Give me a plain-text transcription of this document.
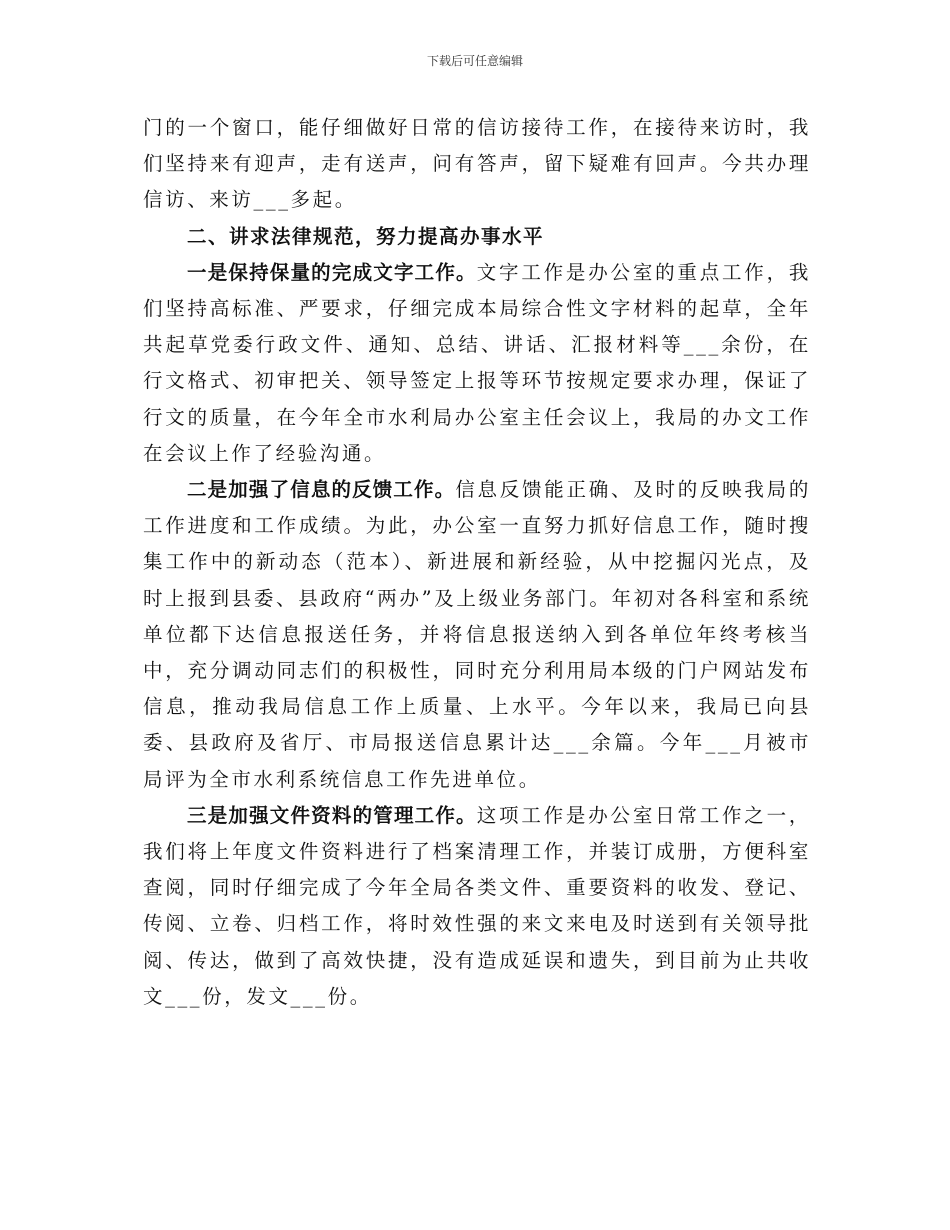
下载后可任意编辑

门的一个窗口，能仔细做好日常的信访接待工作，在接待来访时，我们坚持来有迎声，走有送声，问有答声，留下疑难有回声。今共办理信访、来访___多起。

二、讲求法律规范，努力提高办事水平

一是保持保量的完成文字工作。文字工作是办公室的重点工作，我们坚持高标准、严要求，仔细完成本局综合性文字材料的起草，全年共起草党委行政文件、通知、总结、讲话、汇报材料等___余份，在行文格式、初审把关、领导签定上报等环节按规定要求办理，保证了行文的质量，在今年全市水利局办公室主任会议上，我局的办文工作在会议上作了经验沟通。

二是加强了信息的反馈工作。信息反馈能正确、及时的反映我局的工作进度和工作成绩。为此，办公室一直努力抓好信息工作，随时搜集工作中的新动态（范本）、新进展和新经验，从中挖掘闪光点，及时上报到县委、县政府“两办”及上级业务部门。年初对各科室和系统单位都下达信息报送任务，并将信息报送纳入到各单位年终考核当中，充分调动同志们的积极性，同时充分利用局本级的门户网站发布信息，推动我局信息工作上质量、上水平。今年以来，我局已向县委、县政府及省厅、市局报送信息累计达___余篇。今年___月被市局评为全市水利系统信息工作先进单位。

三是加强文件资料的管理工作。这项工作是办公室日常工作之一，我们将上年度文件资料进行了档案清理工作，并装订成册，方便科室查阅，同时仔细完成了今年全局各类文件、重要资料的收发、登记、传阅、立卷、归档工作，将时效性强的来文来电及时送到有关领导批阅、传达，做到了高效快捷，没有造成延误和遗失，到目前为止共收文___份，发文___份。
